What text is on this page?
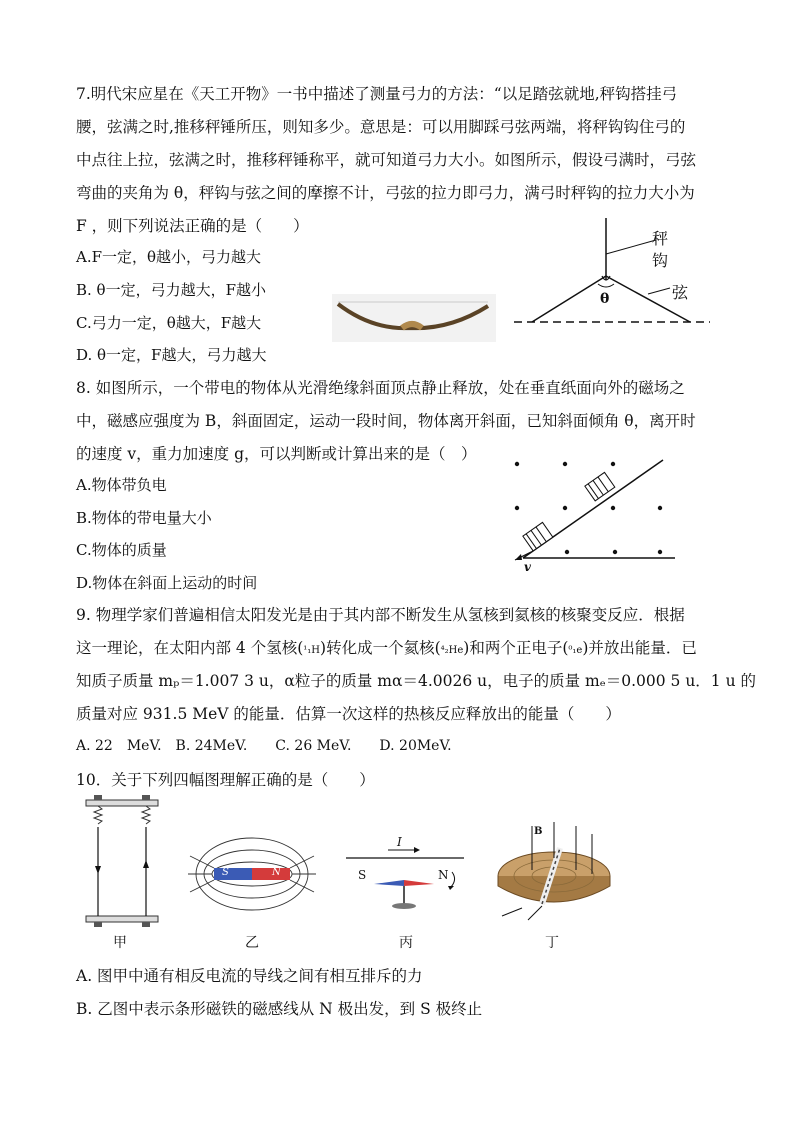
7.明代宋应星在《天工开物》一书中描述了测量弓力的方法：“以足踏弦就地,秤钩搭挂弓
腰，弦满之时,推移秤锤所压，则知多少。意思是：可以用脚踩弓弦两端，将秤钩钩住弓的
中点往上拉，弦满之时，推移秤锤称平，就可知道弓力大小。如图所示，假设弓满时，弓弦
弯曲的夹角为 θ，秤钩与弦之间的摩擦不计，弓弦的拉力即弓力，满弓时秤钩的拉力大小为
F ，则下列说法正确的是（　　）
A.F一定，θ越小，弓力越大
B. θ一定，弓力越大，F越小
C.弓力一定，θ越大，F越大
D. θ一定，F越大，弓力越大
秤
钩
弦
θ
8. 如图所示，一个带电的物体从光滑绝缘斜面顶点静止释放，处在垂直纸面向外的磁场之
中，磁感应强度为 B，斜面固定，运动一段时间，物体离开斜面，已知斜面倾角 θ，离开时
的速度 v，重力加速度 g，可以判断或计算出来的是（　）
A.物体带负电
B.物体的带电量大小
C.物体的质量
D.物体在斜面上运动的时间
v
9. 物理学家们普遍相信太阳发光是由于其内部不断发生从氢核到氦核的核聚变反应．根据
这一理论，在太阳内部 4 个氢核(¹₁H)转化成一个氦核(⁴₂He)和两个正电子(⁰₁e)并放出能量．已
知质子质量 mₚ＝1.007 3 u，α粒子的质量 mα＝4.0026 u，电子的质量 mₑ＝0.000 5 u．1 u 的
质量对应 931.5 MeV 的能量．估算一次这样的热核反应释放出的能量（　　）
A. 22　MeV.　B. 24MeV.　　C. 26 MeV.　　D. 20MeV.
10．关于下列四幅图理解正确的是（　　）
甲
S	N
乙
I
S	N
丙
B
丁
A. 图甲中通有相反电流的导线之间有相互排斥的力
B. 乙图中表示条形磁铁的磁感线从 N 极出发，到 S 极终止
